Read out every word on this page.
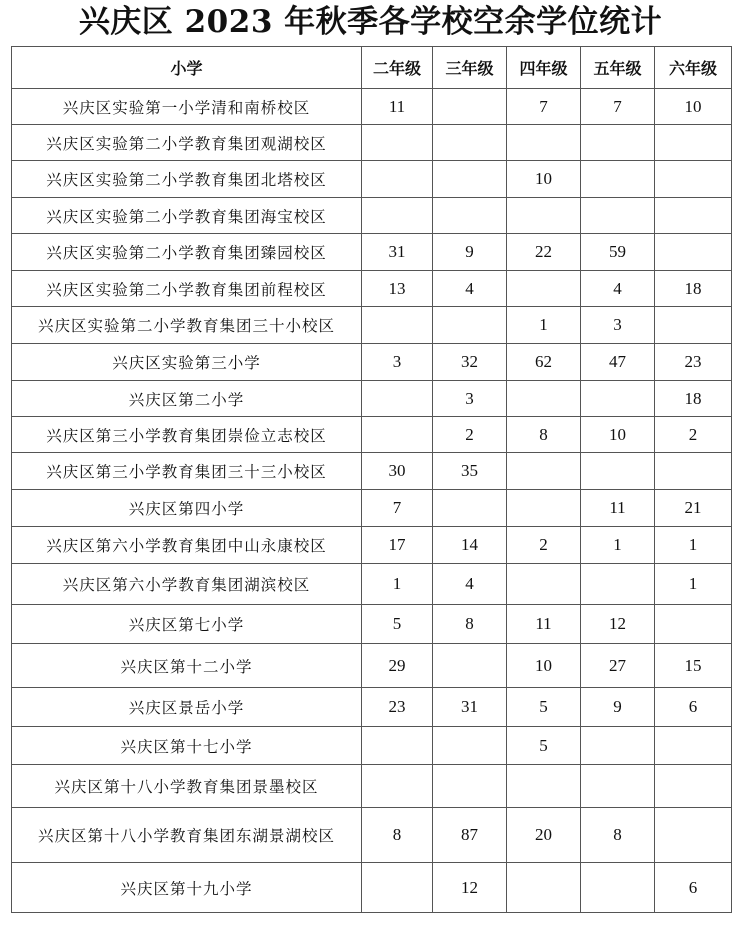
兴庆区 2023 年秋季各学校空余学位统计
小学	二年级	三年级	四年级	五年级	六年级
兴庆区实验第一小学清和南桥校区	11		7	7	10
兴庆区实验第二小学教育集团观湖校区					
兴庆区实验第二小学教育集团北塔校区			10		
兴庆区实验第二小学教育集团海宝校区					
兴庆区实验第二小学教育集团臻园校区	31	9	22	59	
兴庆区实验第二小学教育集团前程校区	13	4		4	18
兴庆区实验第二小学教育集团三十小校区			1	3	
兴庆区实验第三小学	3	32	62	47	23
兴庆区第二小学		3			18
兴庆区第三小学教育集团崇俭立志校区		2	8	10	2
兴庆区第三小学教育集团三十三小校区	30	35			
兴庆区第四小学	7			11	21
兴庆区第六小学教育集团中山永康校区	17	14	2	1	1
兴庆区第六小学教育集团湖滨校区	1	4			1
兴庆区第七小学	5	8	11	12	
兴庆区第十二小学	29		10	27	15
兴庆区景岳小学	23	31	5	9	6
兴庆区第十七小学			5		
兴庆区第十八小学教育集团景墨校区					
兴庆区第十八小学教育集团东湖景湖校区	8	87	20	8	
兴庆区第十九小学		12			6
